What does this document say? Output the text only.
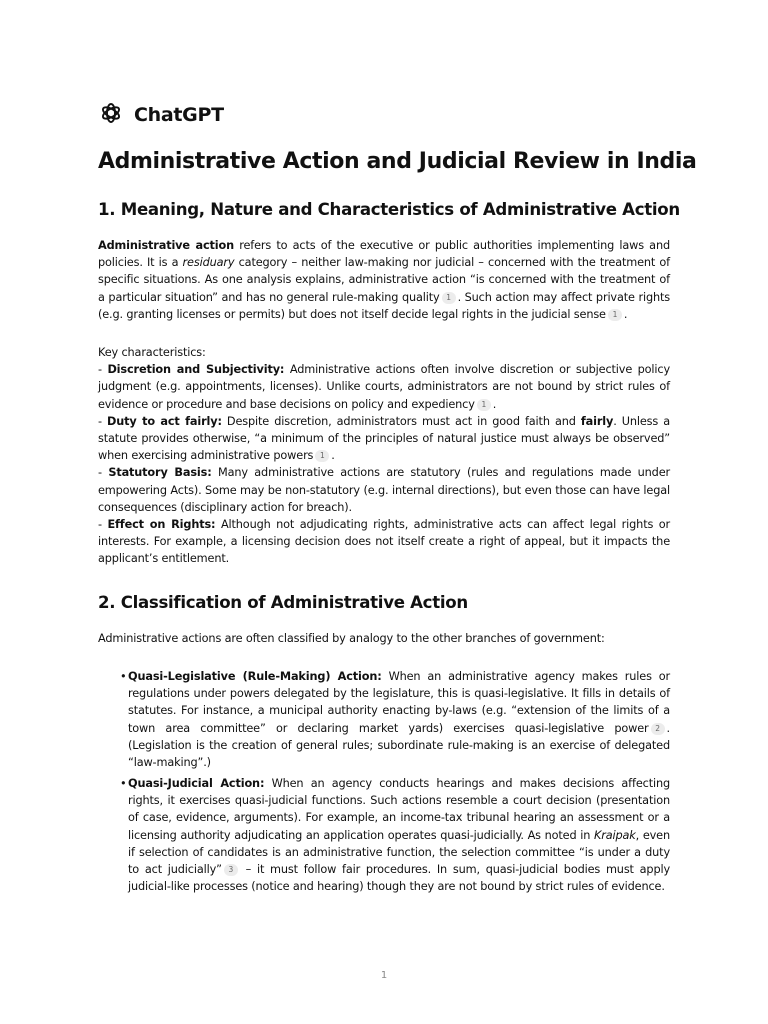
ChatGPT
Administrative Action and Judicial Review in India
1. Meaning, Nature and Characteristics of Administrative Action
Administrative action refers to acts of the executive or public authorities implementing laws and policies. It is a residuary category – neither law-making nor judicial – concerned with the treatment of specific situations. As one analysis explains, administrative action “is concerned with the treatment of a particular situation” and has no general rule-making quality 1 . Such action may affect private rights (e.g. granting licenses or permits) but does not itself decide legal rights in the judicial sense 1 .
Key characteristics:
- Discretion and Subjectivity: Administrative actions often involve discretion or subjective policy judgment (e.g. appointments, licenses). Unlike courts, administrators are not bound by strict rules of evidence or procedure and base decisions on policy and expediency 1 .
- Duty to act fairly: Despite discretion, administrators must act in good faith and fairly. Unless a statute provides otherwise, “a minimum of the principles of natural justice must always be observed” when exercising administrative powers 1 .
- Statutory Basis: Many administrative actions are statutory (rules and regulations made under empowering Acts). Some may be non-statutory (e.g. internal directions), but even those can have legal consequences (disciplinary action for breach).
- Effect on Rights: Although not adjudicating rights, administrative acts can affect legal rights or interests. For example, a licensing decision does not itself create a right of appeal, but it impacts the applicant’s entitlement.
2. Classification of Administrative Action
Administrative actions are often classified by analogy to the other branches of government:
• Quasi-Legislative (Rule-Making) Action: When an administrative agency makes rules or regulations under powers delegated by the legislature, this is quasi-legislative. It fills in details of statutes. For instance, a municipal authority enacting by-laws (e.g. “extension of the limits of a town area committee” or declaring market yards) exercises quasi-legislative power 2 . (Legislation is the creation of general rules; subordinate rule-making is an exercise of delegated “law-making”.)
• Quasi-Judicial Action: When an agency conducts hearings and makes decisions affecting rights, it exercises quasi-judicial functions. Such actions resemble a court decision (presentation of case, evidence, arguments). For example, an income-tax tribunal hearing an assessment or a licensing authority adjudicating an application operates quasi-judicially. As noted in Kraipak, even if selection of candidates is an administrative function, the selection committee “is under a duty to act judicially” 3 – it must follow fair procedures. In sum, quasi-judicial bodies must apply judicial-like processes (notice and hearing) though they are not bound by strict rules of evidence.
1
